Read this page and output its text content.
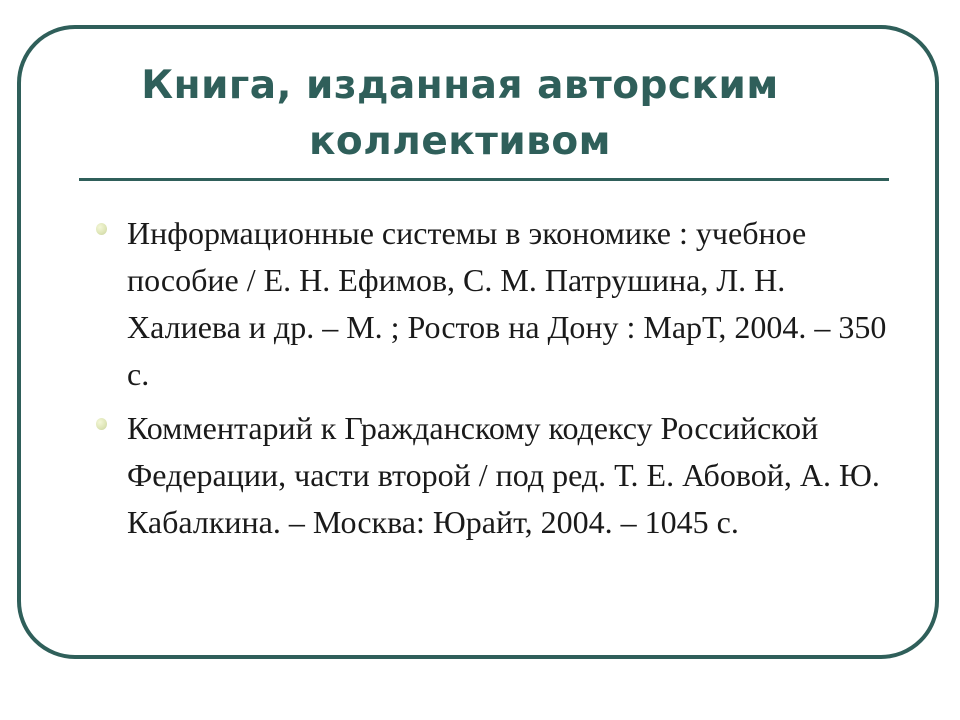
Книга, изданная авторским коллективом
Информационные системы в экономике : учебное пособие / Е. Н. Ефимов, С. М. Патрушина, Л. Н. Халиева и др. – М. ; Ростов на Дону : МарТ, 2004. – 350 с.
Комментарий к Гражданскому кодексу Российской Федерации, части второй / под ред. Т. Е. Абовой, А. Ю. Кабалкина. – Москва: Юрайт, 2004. – 1045 с.
